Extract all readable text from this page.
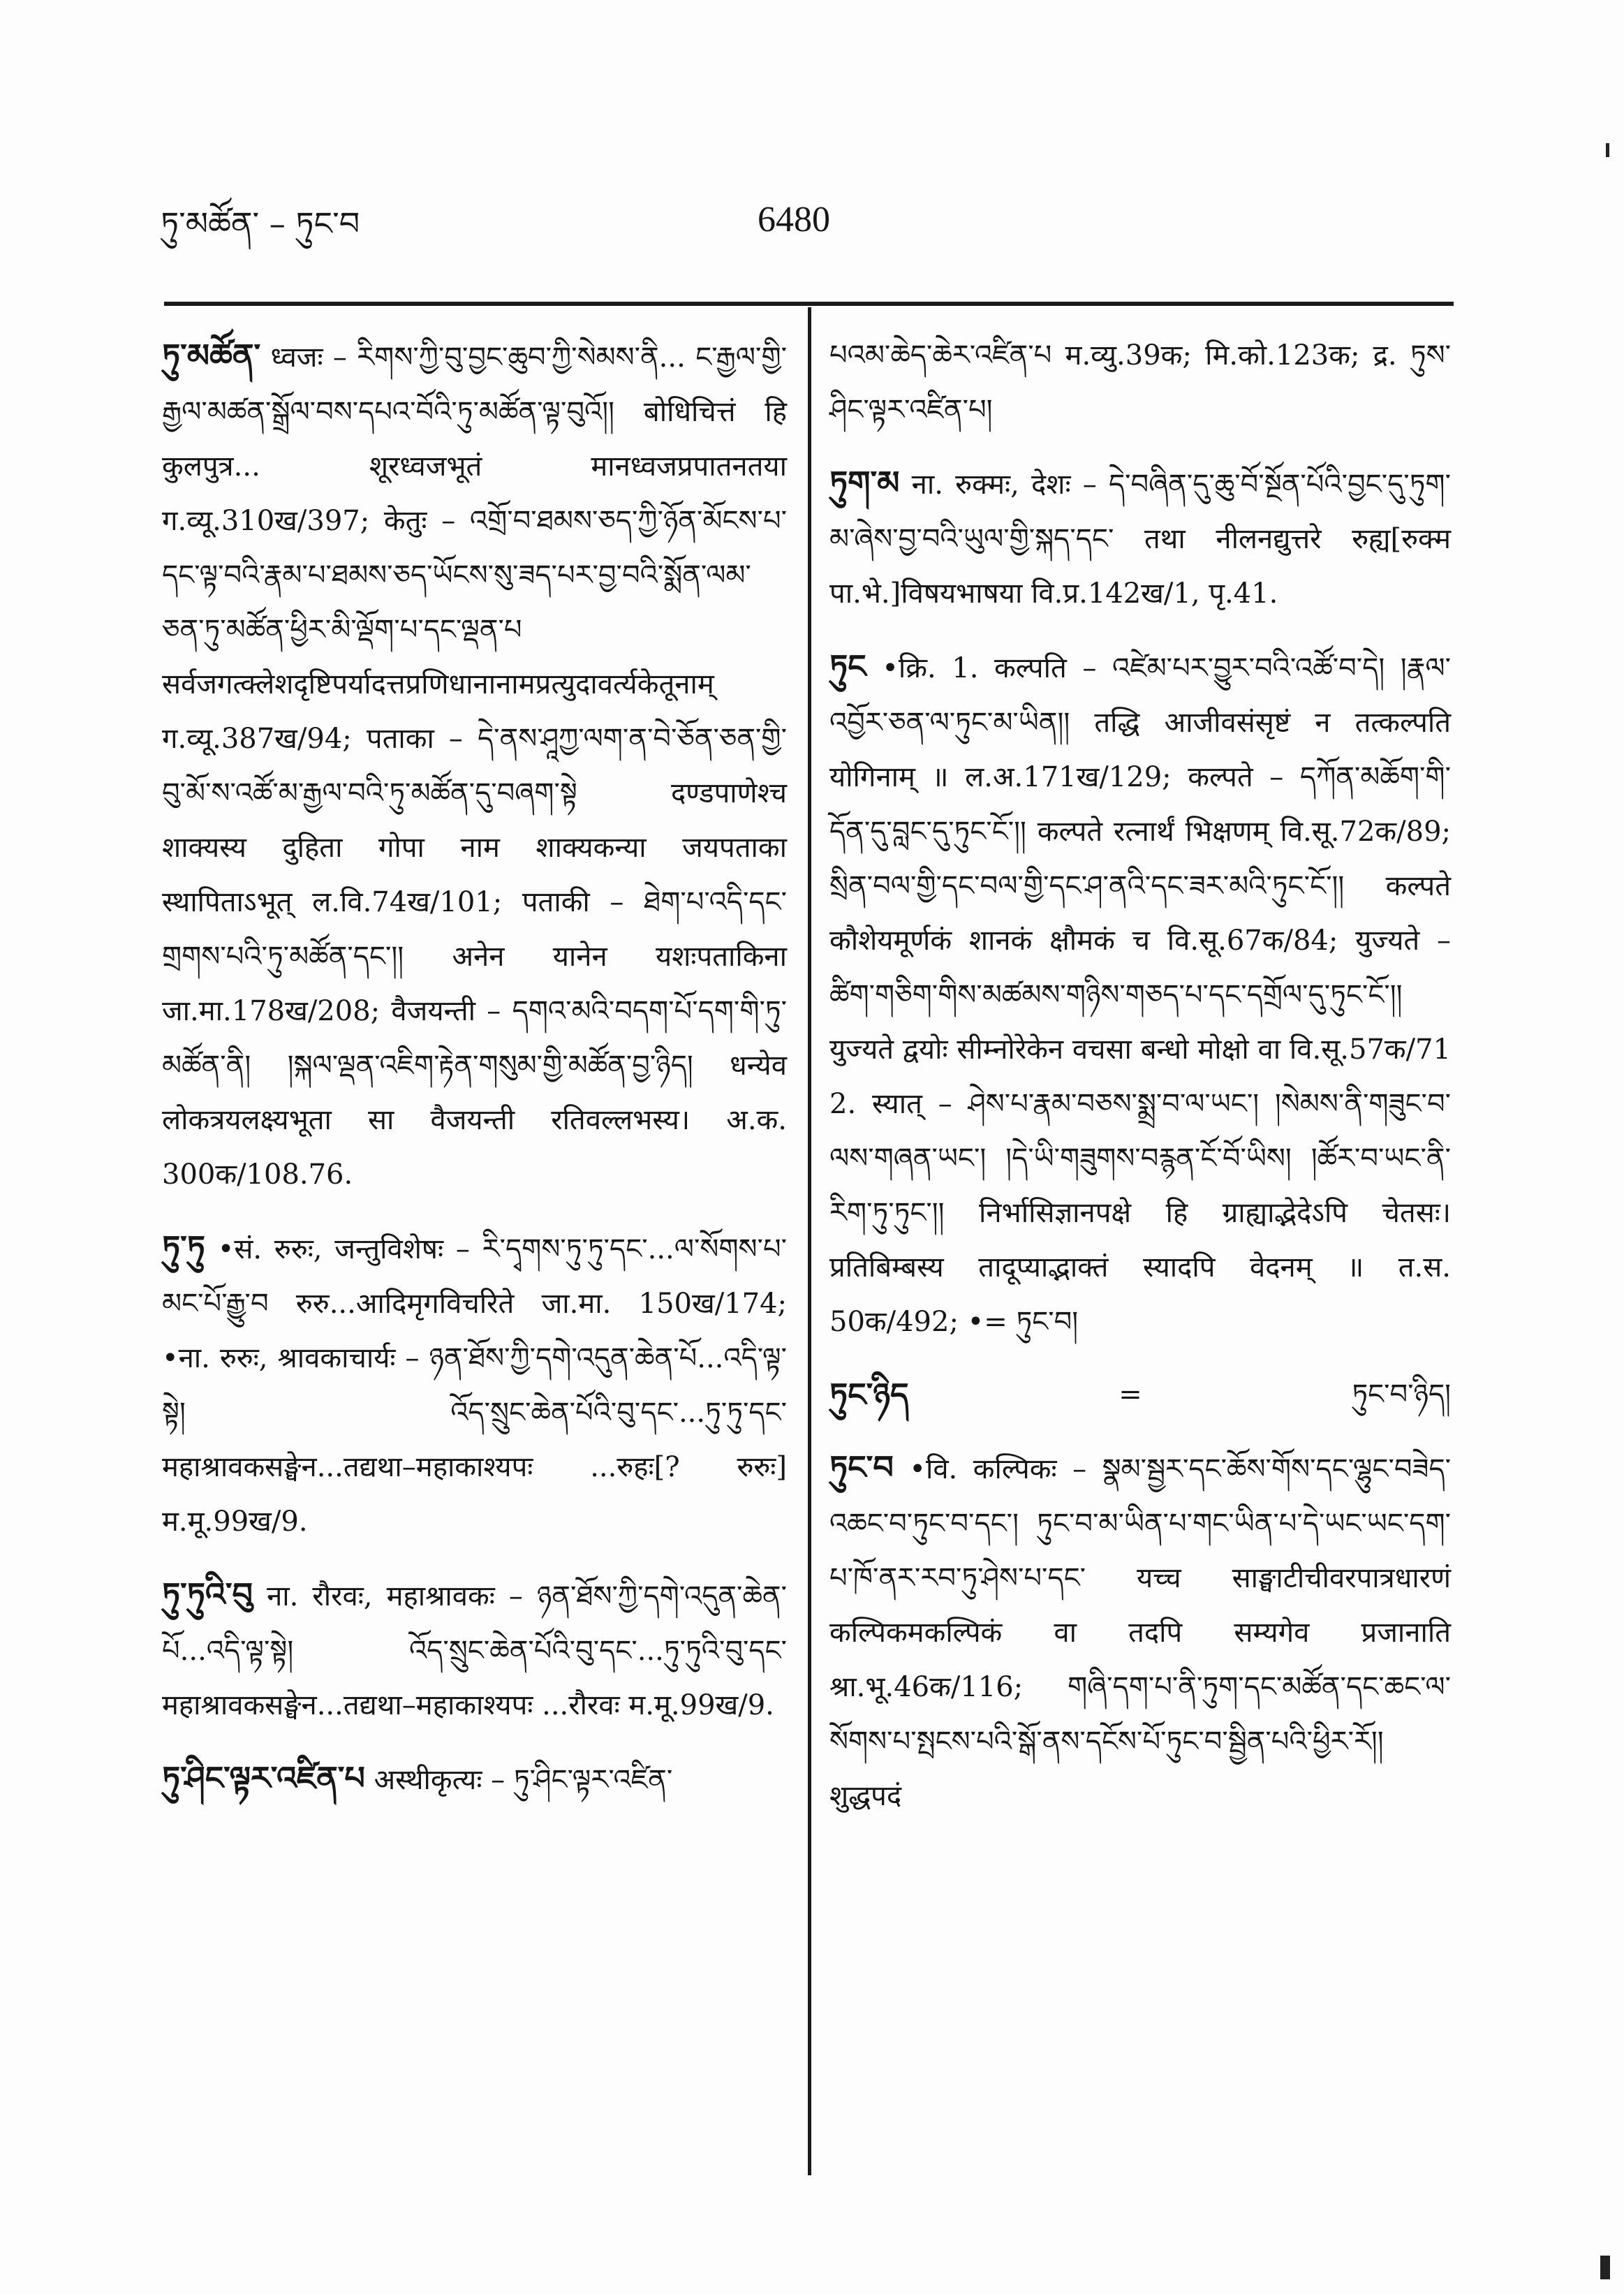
ཏུ་མཚོན་ – ཏུང་བ	6480

ཏུ་མཚོན་ ध्वजः – རིགས་ཀྱི་བུ་བྱང་ཆུབ་ཀྱི་སེམས་ནི... ང་རྒྱལ་གྱི་རྒྱལ་མཚན་སྒྲོལ་བས་དཔའ་བོའི་ཏུ་མཚོན་ལྟ་བུའོ།། बोधिचित्तं हि कुलपुत्र... शूरध्वजभूतं मानध्वजप्रपातनतया ग.व्यू.310ख/397; केतुः – འགྲོ་བ་ཐམས་ཅད་ཀྱི་ཉོན་མོངས་པ་དང་ལྟ་བའི་རྣམ་པ་ཐམས་ཅད་ཡོངས་སུ་ཟད་པར་བྱ་བའི་སྨོན་ལམ་ཅན་ཏུ་མཚོན་ཕྱིར་མི་ལྡོག་པ་དང་ལྡན་པ सर्वजगत्क्लेशदृष्टिपर्यादत्तप्रणिधानानामप्रत्युदावर्त्यकेतूनाम् ग.व्यू.387ख/94; पताका – དེ་ནས་ཤཱཀྱ་ལག་ན་བེ་ཅོན་ཅན་གྱི་བུ་མོ་ས་འཚོ་མ་རྒྱལ་བའི་ཏུ་མཚོན་དུ་བཞག་སྟེ दण्डपाणेश्च शाक्यस्य दुहिता गोपा नाम शाक्यकन्या जयपताका स्थापिताऽभूत् ल.वि.74ख/101; पताकी – ཐེག་པ་འདི་དང་གྲགས་པའི་ཏུ་མཚོན་དང་།། अनेन यानेन यशःपताकिना जा.मा.178ख/208; वैजयन्ती – དགའ་མའི་བདག་པོ་དག་གི་ཏུ་མཚོན་ནི། །སྐལ་ལྡན་འཇིག་རྟེན་གསུམ་གྱི་མཚོན་བྱ་ཉིད། धन्येव लोकत्रयलक्ष्यभूता सा वैजयन्ती रतिवल्लभस्य। अ.क. 300क/108.76.

ཏུ་ཏུ •सं. रुरुः, जन्तुविशेषः – རི་དྭགས་ཏུ་ཏུ་དང་...ལ་སོགས་པ་མང་པོ་རྒྱུ་བ रुरु...आदिमृगविचरिते जा.मा. 150ख/174; •ना. रुरुः, श्रावकाचार्यः – ཉན་ཐོས་ཀྱི་དགེ་འདུན་ཆེན་པོ...འདི་ལྟ་སྟེ། འོད་སྲུང་ཆེན་པོའི་བུ་དང་...ཏུ་ཏུ་དང་ महाश्रावकसङ्घेन...तद्यथा–महाकाश्यपः ...रुहः[? रुरुः] म.मू.99ख/9.

ཏུ་ཏུའི་བུ ना. रौरवः, महाश्रावकः – ཉན་ཐོས་ཀྱི་དགེ་འདུན་ཆེན་པོ...འདི་ལྟ་སྟེ། འོད་སྲུང་ཆེན་པོའི་བུ་དང་...ཏུ་ཏུའི་བུ་དང་ महाश्रावकसङ्घेन...तद्यथा–महाकाश्यपः ...रौरवः म.मू.99ख/9.

ཏུ་ཤིང་ལྟར་འཛིན་པ अस्थीकृत्यः – ཏུ་ཤིང་ལྟར་འཛིན་

པའམ་ཆེད་ཆེར་འཛིན་པ म.व्यु.39क; मि.को.123क; द्र. ཏུས་ཤིང་ལྟར་འཛིན་པ།

ཏུག་མ ना. रुक्मः, देशः – དེ་བཞིན་དུ་ཆུ་བོ་སྔོན་པོའི་བྱང་དུ་ཏུག་མ་ཞེས་བྱ་བའི་ཡུལ་གྱི་སྐད་དང་ तथा नीलनद्युत्तरे रुह्य[रुक्म पा.भे.]विषयभाषया वि.प्र.142ख/1, पृ.41.

ཏུང •क्रि. 1. कल्पति – འཛེམ་པར་བྱུར་བའི་འཚོ་བ་དེ། །རྣལ་འབྱོར་ཅན་ལ་ཏུང་མ་ཡིན།། तद्धि आजीवसंसृष्टं न तत्कल्पति योगिनाम् ॥ ल.अ.171ख/129; कल्पते – དཀོན་མཆོག་གི་དོན་དུ་བླང་དུ་ཏུང་ངོ་།། कल्पते रत्नार्थं भिक्षणम् वि.सू.72क/89; སྲིན་བལ་གྱི་དང་བལ་གྱི་དང་ཤ་ནའི་དང་ཟར་མའི་ཏུང་ངོ་།། कल्पते कौशेयमूर्णकं शानकं क्षौमकं च वि.सू.67क/84; युज्यते – ཚིག་གཅིག་གིས་མཚམས་གཉིས་གཅད་པ་དང་དགྲོལ་དུ་ཏུང་ངོ་།། युज्यते द्वयोः सीम्नोरेकेन वचसा बन्धो मोक्षो वा वि.सू.57क/71 2. स्यात् – ཤེས་པ་རྣམ་བཅས་སྨྲ་བ་ལ་ཡང་། །སེམས་ནི་གཟུང་བ་ལས་གཞན་ཡང་། །དེ་ཡི་གཟུགས་བརྙན་ངོ་བོ་ཡིས། །ཚོར་བ་ཡང་ནི་རིག་ཏུ་ཏུང་།། निर्भासिज्ञानपक्षे हि ग्राह्याद्भेदेऽपि चेतसः। प्रतिबिम्बस्य तादूप्याद्भाक्तं स्यादपि वेदनम् ॥ त.स. 50क/492; •= ཏུང་བ།

ཏུང་ཉིད	=	ཏུང་བ་ཉིད།

ཏུང་བ •वि. कल्पिकः – སྣམ་སྦྱར་དང་ཆོས་གོས་དང་ལྷུང་བཟེད་འཆང་བ་ཏུང་བ་དང་། ཏུང་བ་མ་ཡིན་པ་གང་ཡིན་པ་དེ་ཡང་ཡང་དག་པ་ཁོ་ནར་རབ་ཏུ་ཤེས་པ་དང་ यच्च साङ्घाटीचीवरपात्रधारणं कल्पिकमकल्पिकं वा तदपि सम्यगेव प्रजानाति श्रा.भू.46क/116; གཞི་དག་པ་ནི་ཏུག་དང་མཚོན་དང་ཆང་ལ་སོགས་པ་སྤངས་པའི་སྒོ་ནས་དངོས་པོ་ཏུང་བ་སྦྱིན་པའི་ཕྱིར་རོ།། शुद्धपदं
